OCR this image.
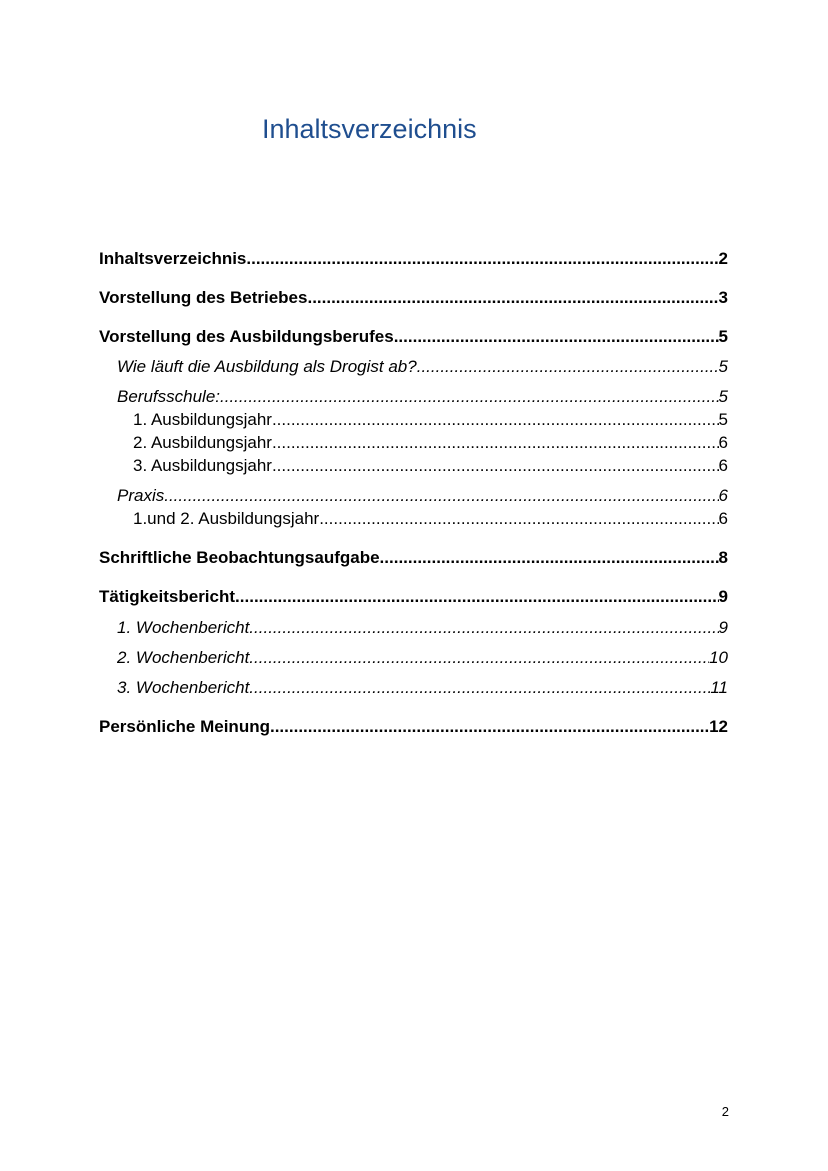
Inhaltsverzeichnis
Inhaltsverzeichnis .....	2
Vorstellung des Betriebes .....	3
Vorstellung des Ausbildungsberufes .....	5
Wie läuft die Ausbildung als Drogist ab? .....	5
Berufsschule: .....	5
1. Ausbildungsjahr .....	5
2. Ausbildungsjahr .....	6
3. Ausbildungsjahr .....	6
Praxis .....	6
1.und 2. Ausbildungsjahr .....	6
Schriftliche Beobachtungsaufgabe .....	8
Tätigkeitsbericht .....	9
1. Wochenbericht .....	9
2. Wochenbericht .....	10
3. Wochenbericht .....	11
Persönliche Meinung .....	12
2
